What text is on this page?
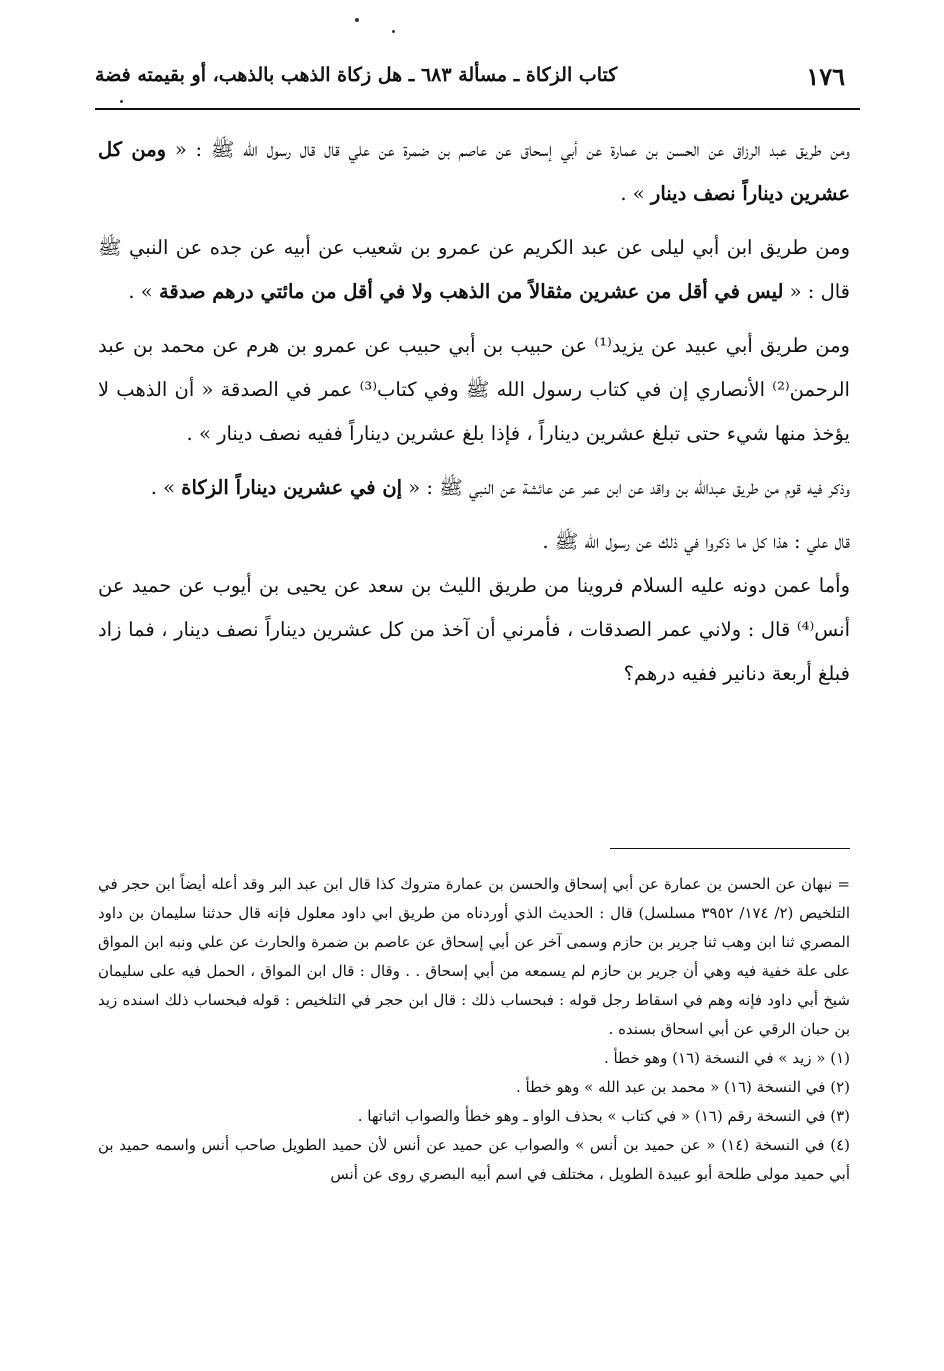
١٧٦
كتاب الزكاة ـ مسألة ٦٨٣ ـ هل زكاة الذهب بالذهب، أو بقيمته فضة

ومن طريق عبد الرزاق عن الحسن بن عمارة عن أبي إسحاق عن عاصم بن ضمرة عن علي قال قال رسول الله ﷺ : « ومن كل عشرين ديناراً نصف دينار » .

ومن طريق ابن أبي ليلى عن عبد الكريم عن عمرو بن شعيب عن أبيه عن جده عن النبي ﷺ قال : « ليس في أقل من عشرين مثقالاً من الذهب ولا في أقل من مائتي درهم صدقة » .

ومن طريق أبي عبيد عن يزيد⁽¹⁾ عن حبيب بن أبي حبيب عن عمرو بن هرم عن محمد بن عبد الرحمن⁽²⁾ الأنصاري إن في كتاب رسول الله ﷺ وفي كتاب⁽³⁾ عمر في الصدقة « أن الذهب لا يؤخذ منها شيء حتى تبلغ عشرين ديناراً ، فإذا بلغ عشرين ديناراً ففيه نصف دينار » .

وذكر فيه قوم من طريق عبدالله بن واقد عن ابن عمر عن عائشة عن النبي ﷺ : « إن في عشرين ديناراً الزكاة » .

قال علي : هذا كل ما ذكروا في ذلك عن رسول الله ﷺ .

وأما عمن دونه عليه السلام فروينا من طريق الليث بن سعد عن يحيى بن أيوب عن حميد عن أنس⁽⁴⁾ قال : ولاني عمر الصدقات ، فأمرني أن آخذ من كل عشرين ديناراً نصف دينار ، فما زاد فبلغ أربعة دنانير ففيه درهم؟

= نبهان عن الحسن بن عمارة عن أبي إسحاق والحسن بن عمارة متروك كذا قال ابن عبد البر وقد أعله أيضاً ابن حجر في التلخيص (٢/ ١٧٤/ ٣٩٥٢ مسلسل) قال : الحديث الذي أوردناه من طريق ابي داود معلول فإنه قال حدثنا سليمان بن داود المصري ثنا ابن وهب ثنا جرير بن حازم وسمى آخر عن أبي إسحاق عن عاصم بن ضمرة والحارث عن علي ونبه ابن المواق على علة خفية فيه وهي أن جرير بن حازم لم يسمعه من أبي إسحاق . . وقال : قال ابن المواق ، الحمل فيه على سليمان شيخ أبي داود فإنه وهم في اسقاط رجل قوله : فبحساب ذلك : قال ابن حجر في التلخيص : قوله فبحساب ذلك اسنده زيد بن حبان الرقي عن أبي اسحاق بسنده .

(١) « زيد » في النسخة (١٦) وهو خطأ .

(٢) في النسخة (١٦) « محمد بن عبد الله » وهو خطأ .

(٣) في النسخة رقم (١٦) « في كتاب » بحذف الواو ـ وهو خطأ والصواب اثباتها .

(٤) في النسخة (١٤) « عن حميد بن أنس » والصواب عن حميد عن أنس لأن حميد الطويل صاحب أنس واسمه حميد بن أبي حميد مولى طلحة أبو عبيدة الطويل ، مختلف في اسم أبيه البصري روى عن أنس
